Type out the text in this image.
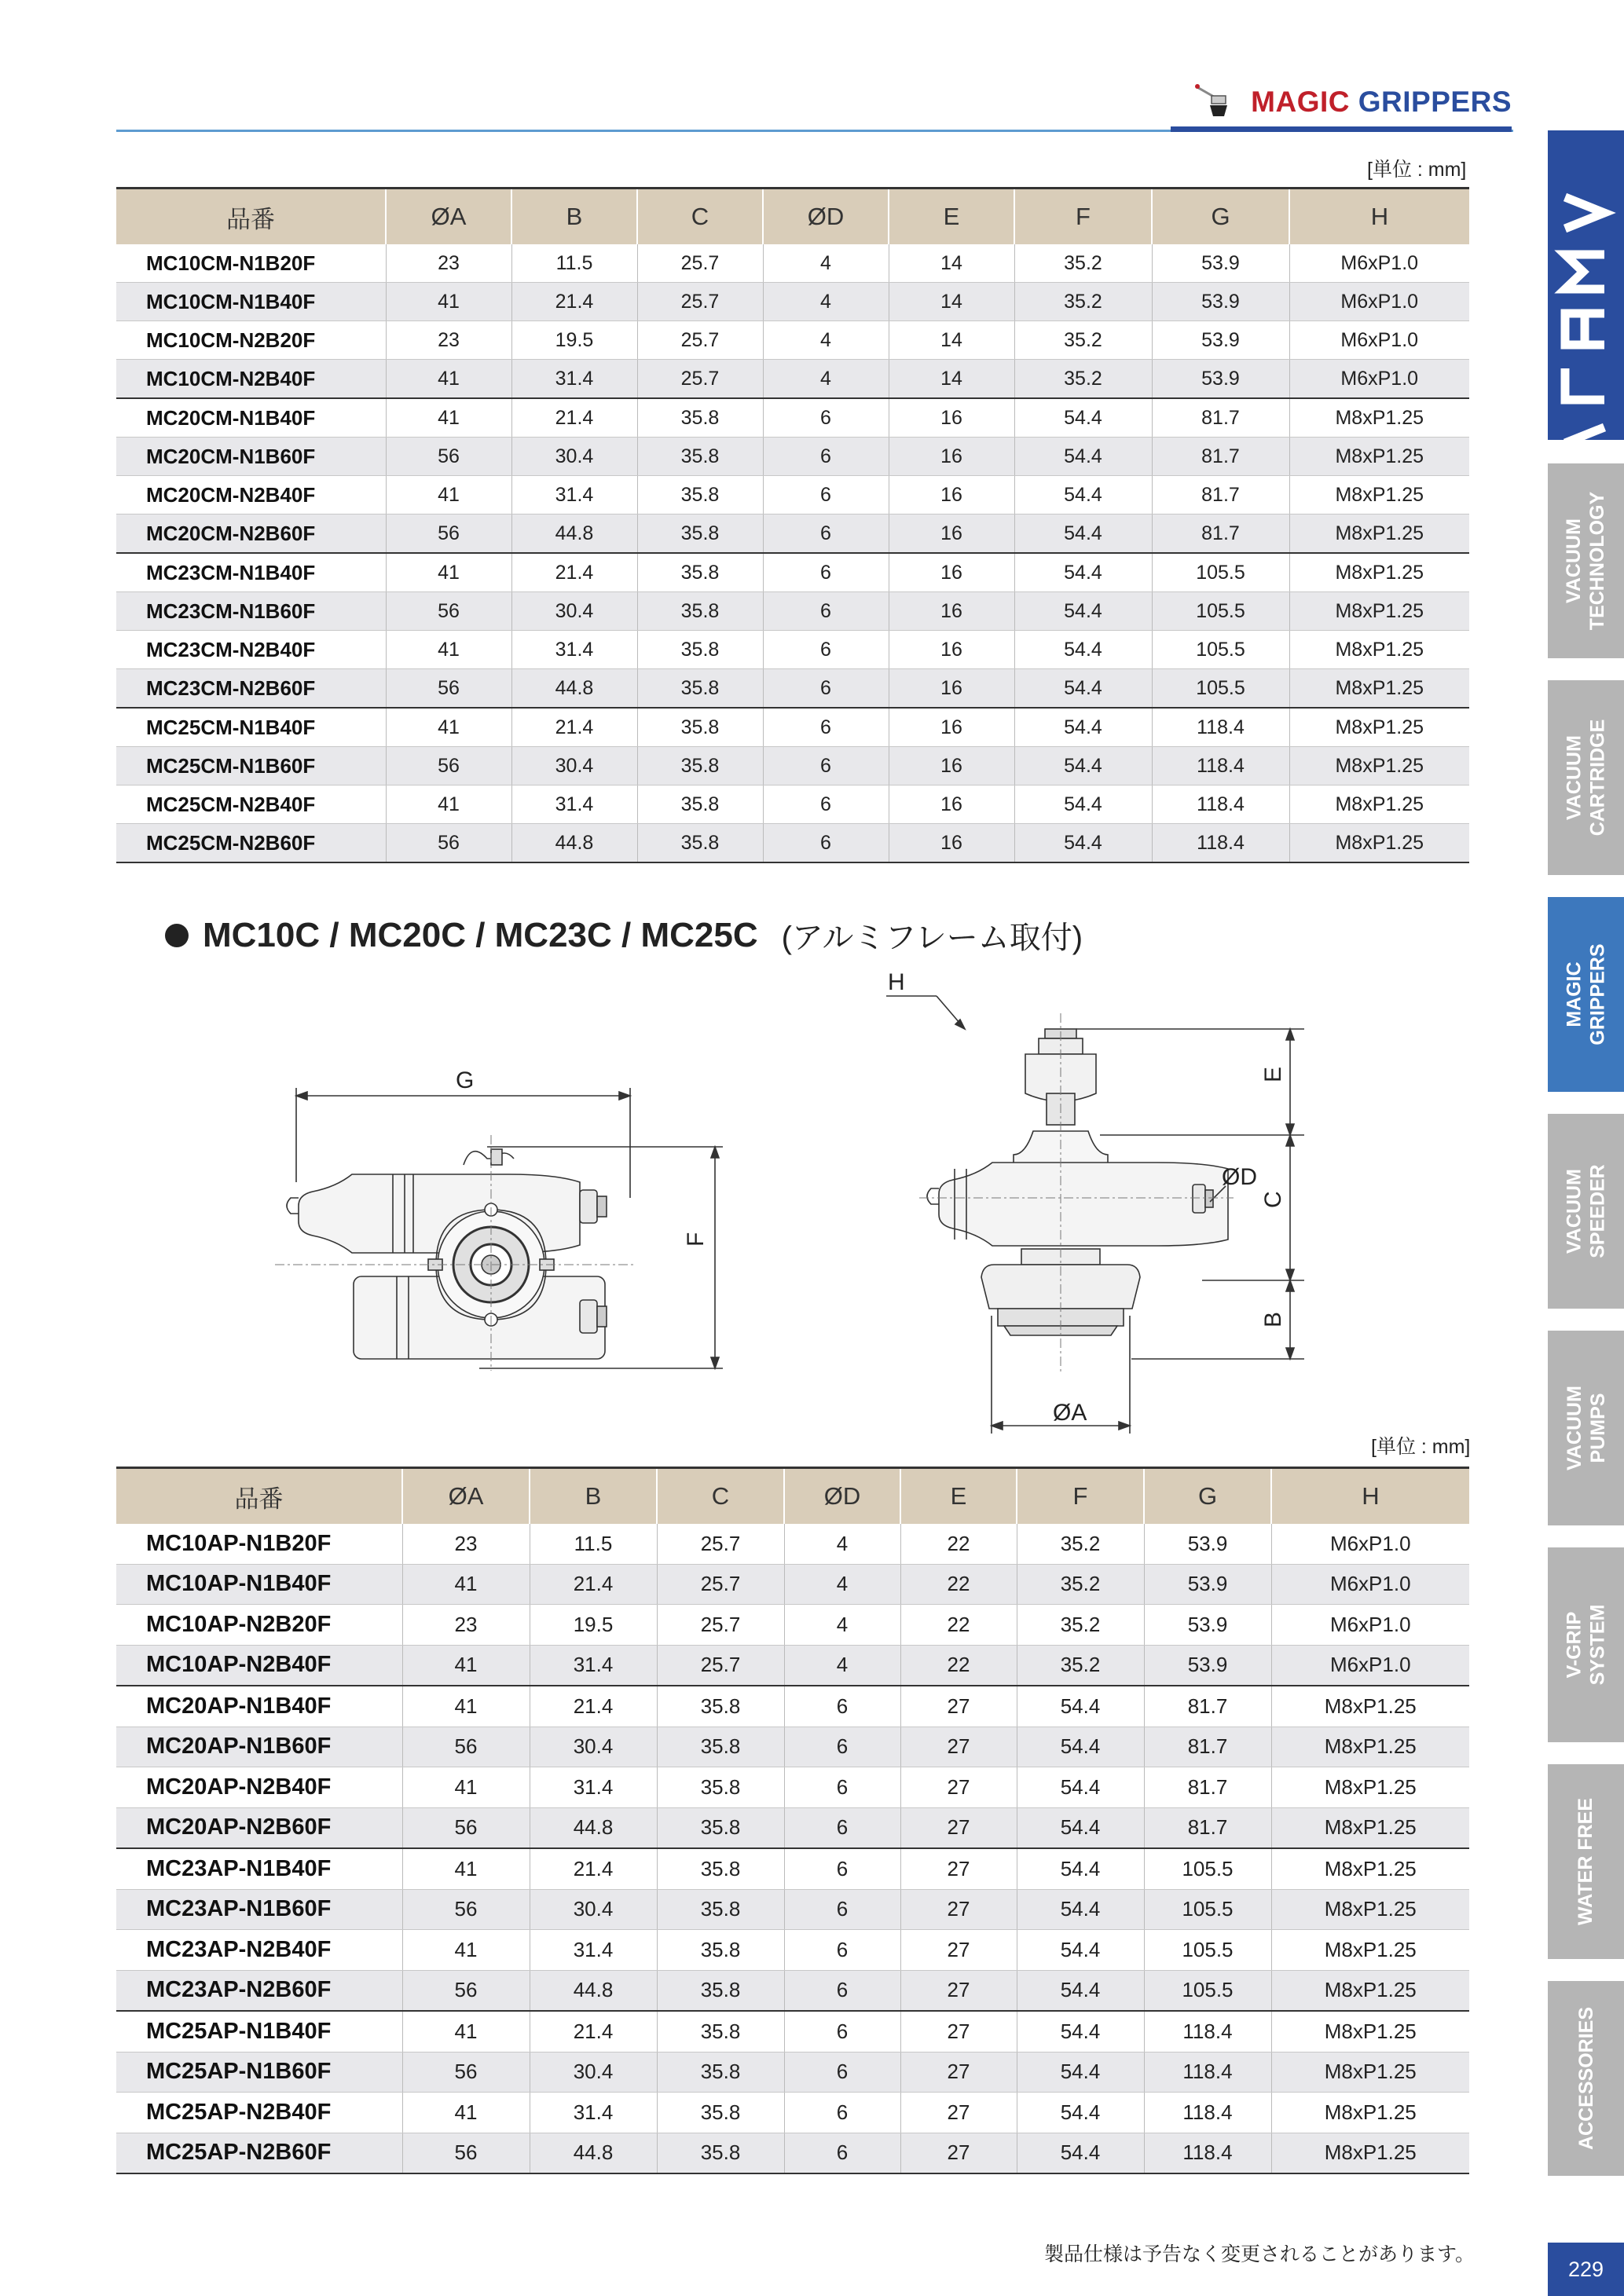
MAGIC GRIPPERS
[単位 : mm]
品番	ØA	B	C	ØD	E	F	G	H
MC10CM-N1B20F	23	11.5	25.7	4	14	35.2	53.9	M6xP1.0
MC10CM-N1B40F	41	21.4	25.7	4	14	35.2	53.9	M6xP1.0
MC10CM-N2B20F	23	19.5	25.7	4	14	35.2	53.9	M6xP1.0
MC10CM-N2B40F	41	31.4	25.7	4	14	35.2	53.9	M6xP1.0
MC20CM-N1B40F	41	21.4	35.8	6	16	54.4	81.7	M8xP1.25
MC20CM-N1B60F	56	30.4	35.8	6	16	54.4	81.7	M8xP1.25
MC20CM-N2B40F	41	31.4	35.8	6	16	54.4	81.7	M8xP1.25
MC20CM-N2B60F	56	44.8	35.8	6	16	54.4	81.7	M8xP1.25
MC23CM-N1B40F	41	21.4	35.8	6	16	54.4	105.5	M8xP1.25
MC23CM-N1B60F	56	30.4	35.8	6	16	54.4	105.5	M8xP1.25
MC23CM-N2B40F	41	31.4	35.8	6	16	54.4	105.5	M8xP1.25
MC23CM-N2B60F	56	44.8	35.8	6	16	54.4	105.5	M8xP1.25
MC25CM-N1B40F	41	21.4	35.8	6	16	54.4	118.4	M8xP1.25
MC25CM-N1B60F	56	30.4	35.8	6	16	54.4	118.4	M8xP1.25
MC25CM-N2B40F	41	31.4	35.8	6	16	54.4	118.4	M8xP1.25
MC25CM-N2B60F	56	44.8	35.8	6	16	54.4	118.4	M8xP1.25
MC10C / MC20C / MC23C / MC25C (アルミフレーム取付)
G
F
H
E
C
ØD
B
ØA
[単位 : mm]
品番	ØA	B	C	ØD	E	F	G	H
MC10AP-N1B20F	23	11.5	25.7	4	22	35.2	53.9	M6xP1.0
MC10AP-N1B40F	41	21.4	25.7	4	22	35.2	53.9	M6xP1.0
MC10AP-N2B20F	23	19.5	25.7	4	22	35.2	53.9	M6xP1.0
MC10AP-N2B40F	41	31.4	25.7	4	22	35.2	53.9	M6xP1.0
MC20AP-N1B40F	41	21.4	35.8	6	27	54.4	81.7	M8xP1.25
MC20AP-N1B60F	56	30.4	35.8	6	27	54.4	81.7	M8xP1.25
MC20AP-N2B40F	41	31.4	35.8	6	27	54.4	81.7	M8xP1.25
MC20AP-N2B60F	56	44.8	35.8	6	27	54.4	81.7	M8xP1.25
MC23AP-N1B40F	41	21.4	35.8	6	27	54.4	105.5	M8xP1.25
MC23AP-N1B60F	56	30.4	35.8	6	27	54.4	105.5	M8xP1.25
MC23AP-N2B40F	41	31.4	35.8	6	27	54.4	105.5	M8xP1.25
MC23AP-N2B60F	56	44.8	35.8	6	27	54.4	105.5	M8xP1.25
MC25AP-N1B40F	41	21.4	35.8	6	27	54.4	118.4	M8xP1.25
MC25AP-N1B60F	56	30.4	35.8	6	27	54.4	118.4	M8xP1.25
MC25AP-N2B40F	41	31.4	35.8	6	27	54.4	118.4	M8xP1.25
MC25AP-N2B60F	56	44.8	35.8	6	27	54.4	118.4	M8xP1.25
製品仕様は予告なく変更されることがあります。
VACUUM
TECHNOLOGY
VACUUM
CARTRIDGE
MAGIC
GRIPPERS
VACUUM
SPEEDER
VACUUM
PUMPS
V-GRIP
SYSTEM
WATER FREE
ACCESSORIES
229
